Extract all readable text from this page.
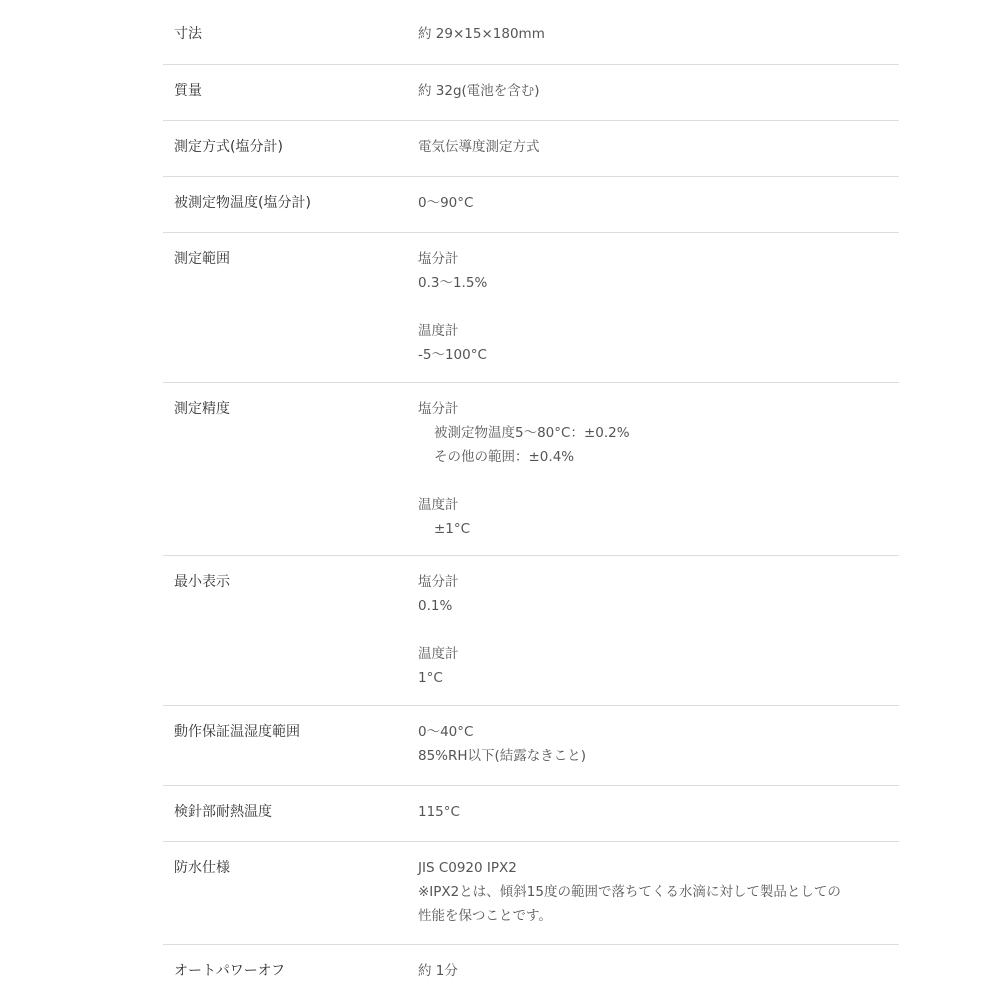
寸法	約 29×15×180mm
質量	約 32g(電池を含む)
測定方式(塩分計)	電気伝導度測定方式
被測定物温度(塩分計)	0～90°C
測定範囲	塩分計
0.3～1.5%
温度計
-5～100°C
測定精度	塩分計
被測定物温度5～80°C：±0.2%
その他の範囲：±0.4%
温度計
±1°C
最小表示	塩分計
0.1%
温度計
1°C
動作保証温湿度範囲	0～40°C
85%RH以下(結露なきこと)
検針部耐熱温度	115°C
防水仕様	JIS C0920 IPX2
※IPX2とは、傾斜15度の範囲で落ちてくる水滴に対して製品としての
性能を保つことです。
オートパワーオフ	約 1分
